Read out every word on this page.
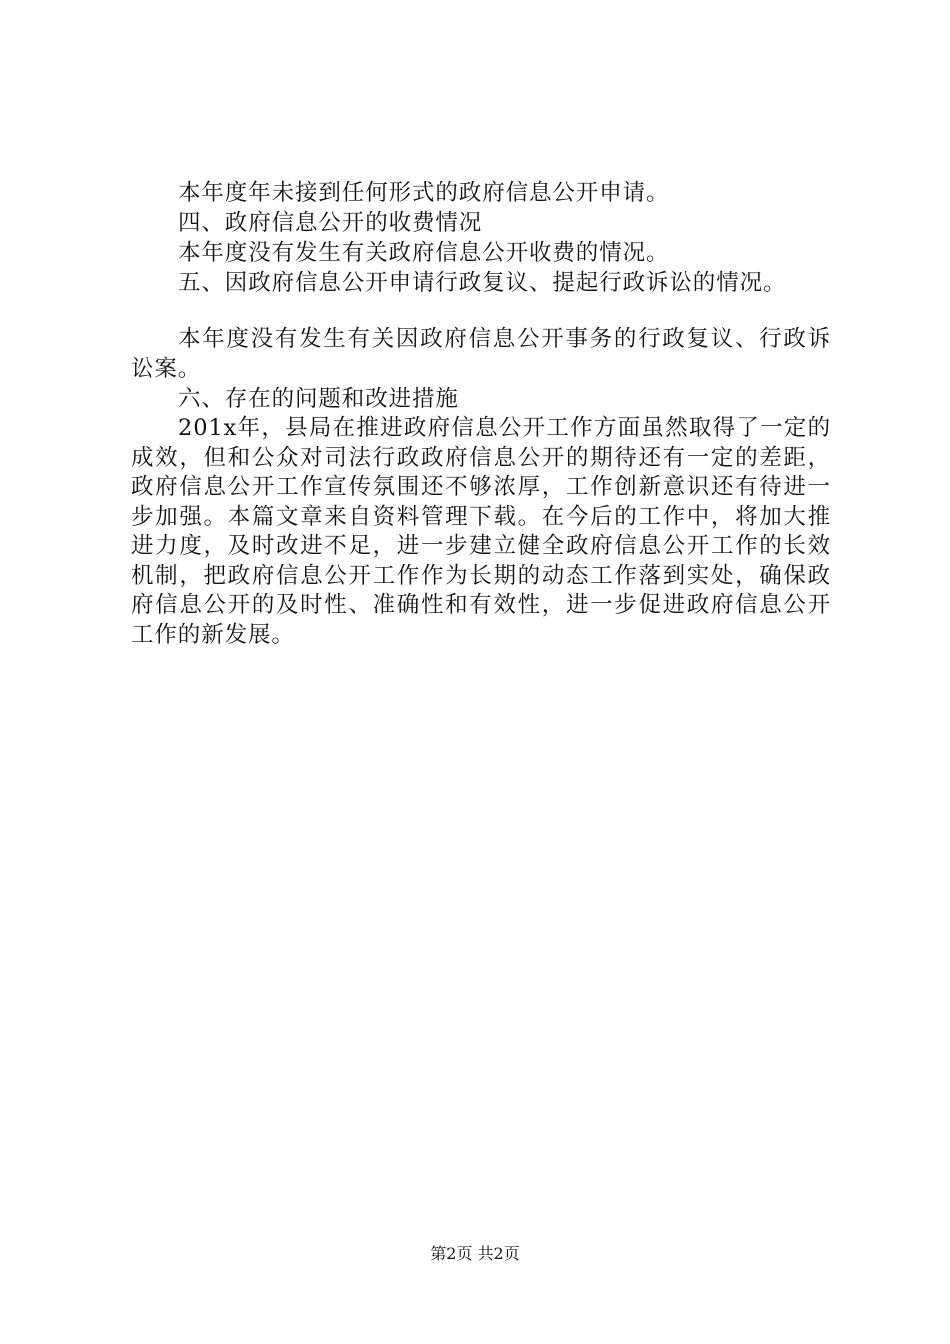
本年度年未接到任何形式的政府信息公开申请。
四、政府信息公开的收费情况
本年度没有发生有关政府信息公开收费的情况。
五、因政府信息公开申请行政复议、提起行政诉讼的情况。
本年度没有发生有关因政府信息公开事务的行政复议、行政诉讼案。
六、存在的问题和改进措施
201x年，县局在推进政府信息公开工作方面虽然取得了一定的成效，但和公众对司法行政政府信息公开的期待还有一定的差距，政府信息公开工作宣传氛围还不够浓厚，工作创新意识还有待进一步加强。本篇文章来自资料管理下载。在今后的工作中，将加大推进力度，及时改进不足，进一步建立健全政府信息公开工作的长效机制，把政府信息公开工作作为长期的动态工作落到实处，确保政府信息公开的及时性、准确性和有效性，进一步促进政府信息公开工作的新发展。
第2页 共2页
